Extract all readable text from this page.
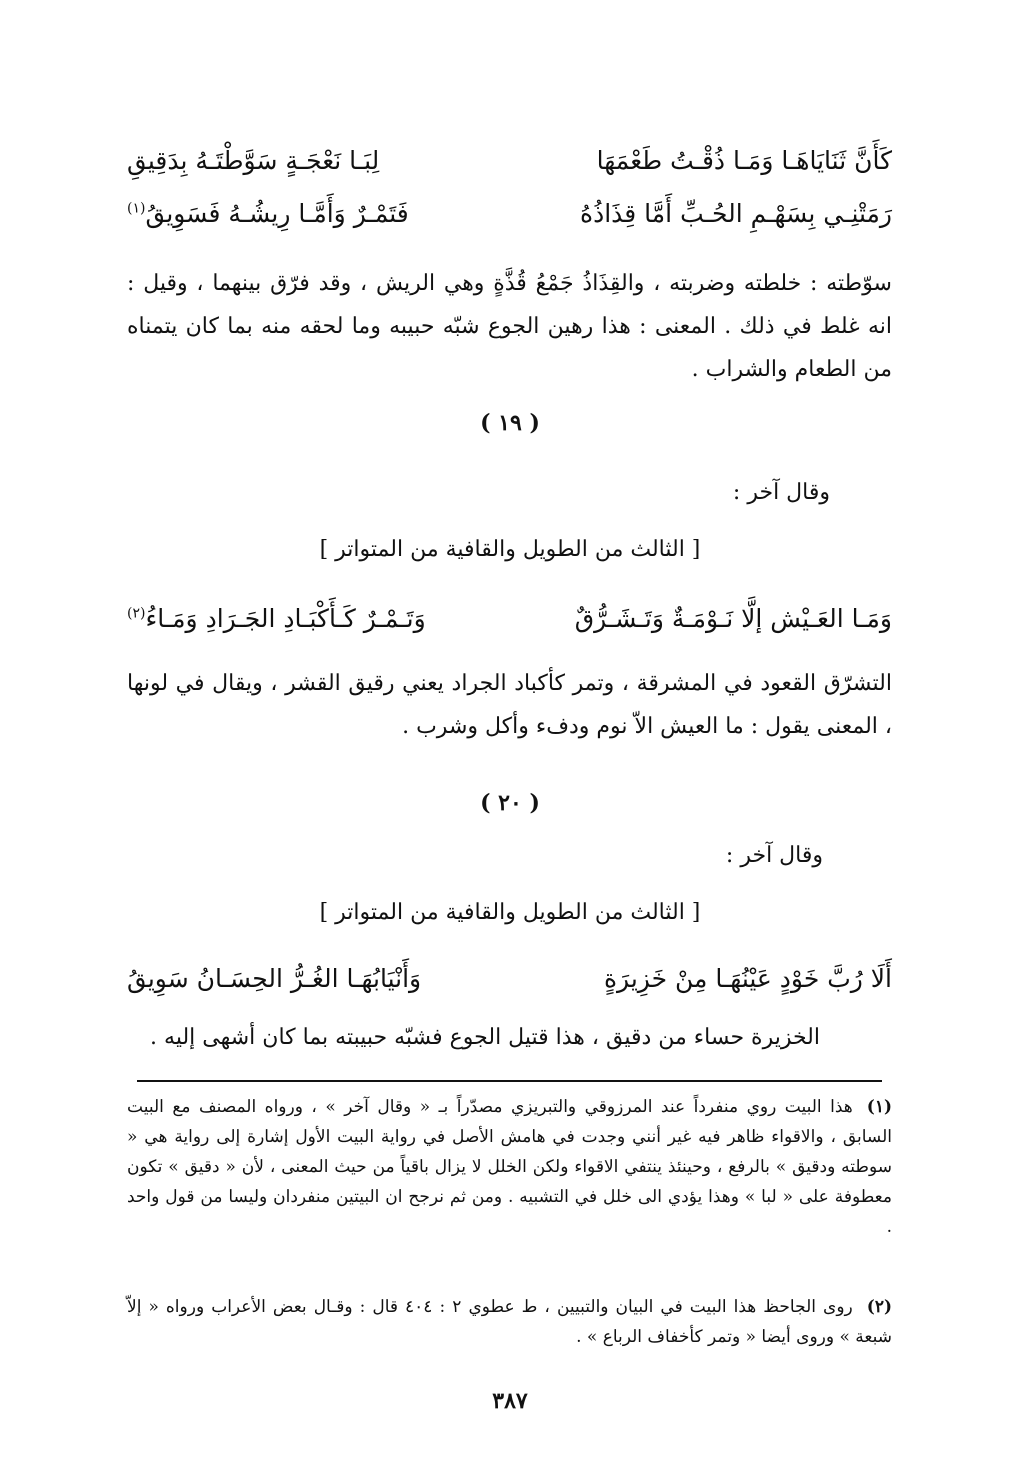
كَأَنَّ ثَنَايَاهَـا وَمَـا ذُقْـتُ طَعْمَهَا
لِبَـا نَعْجَـةٍ سَوَّطْتَـهُ بِدَقِيقِ
رَمَتْنِـي بِسَهْـمِ الحُـبِّ أَمَّا قِذَاذُهُ
فَتَمْـرٌ وَأَمَّـا رِيشُـهُ فَسَوِيقُ$^{(١)}$
سوّطته : خلطته وضربته ، والقِذَاذُ جَمْعُ قُذَّةٍ وهي الريش ، وقد فرّق بينهما ، وقيل : انه غلط في ذلك . المعنى : هذا رهين الجوع شبّه حبيبه وما لحقه منه بما كان يتمناه من الطعام والشراب .
( ١٩ )
وقال آخر :
[ الثالث من الطويل والقافية من المتواتر ]
وَمَـا العَـيْش إلَّا نَـوْمَـةٌ وَتَـشَـرُّقٌ
وَتَـمْـرٌ كَـأَكْبَـادِ الجَـرَادِ وَمَـاءُ$^{(٢)}$
التشرّق القعود في المشرقة ، وتمر كأكباد الجراد يعني رقيق القشر ، ويقال في لونها ، المعنى يقول : ما العيش الاّ نوم ودفء وأكل وشرب .
( ٢٠ )
وقال آخر :
[ الثالث من الطويل والقافية من المتواتر ]
أَلَا رُبَّ خَوْدٍ عَيْنُهَـا مِنْ خَزِيرَةٍ
وَأَنْيَابُهَـا الغُـرُّ الحِسَـانُ سَوِيقُ
الخزيرة حساء من دقيق ، هذا قتيل الجوع فشبّه حبيبته بما كان أشهى إليه .
(١)هذا البيت روي منفرداً عند المرزوقي والتبريزي مصدّراً بـ « وقال آخر » ، ورواه المصنف مع البيت السابق ، والاقواء ظاهر فيه غير أنني وجدت في هامش الأصل في رواية البيت الأول إشارة إلى رواية هي « سوطته ودقيق » بالرفع ، وحينئذ ينتفي الاقواء ولكن الخلل لا يزال باقياً من حيث المعنى ، لأن « دقيق » تكون معطوفة على « لبا » وهذا يؤدي الى خلل في التشبيه . ومن ثم نرجح ان البيتين منفردان وليسا من قول واحد .
(٢)روى الجاحظ هذا البيت في البيان والتبيين ، ط عطوي ٢ : ٤٠٤ قال : وقـال بعض الأعراب ورواه « إلاّ شبعة » وروى أيضا « وتمر كأخفاف الرباع » .
٣٨٧
